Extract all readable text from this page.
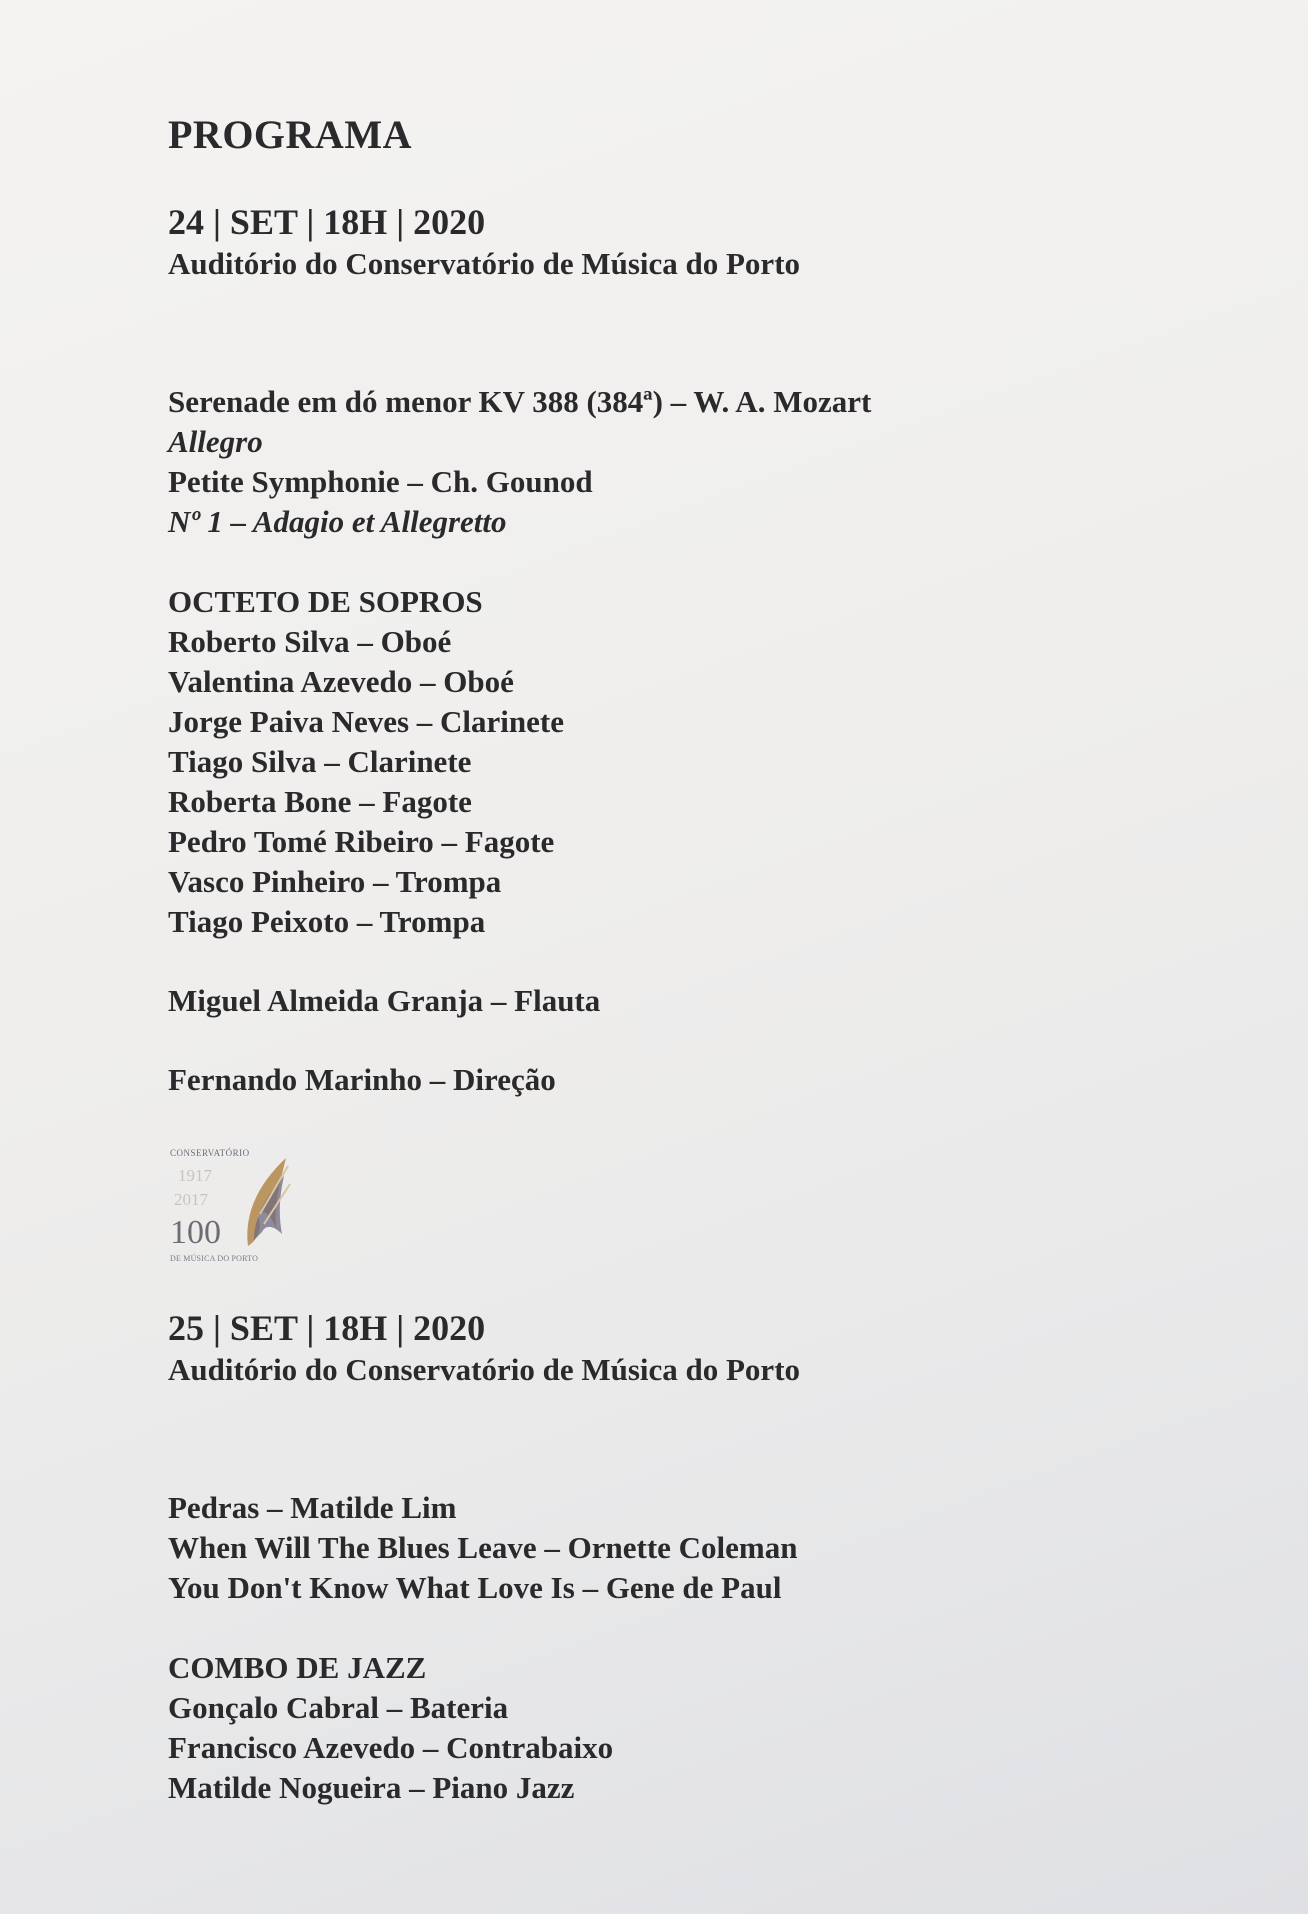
PROGRAMA

24 | SET | 18H | 2020

Auditório do Conservatório de Música do Porto

Serenade em dó menor KV 388 (384ª) – W. A. Mozart
Allegro
Petite Symphonie – Ch. Gounod
Nº 1 – Adagio et Allegretto
OCTETO DE SOPROS
Roberto Silva – Oboé
Valentina Azevedo – Oboé
Jorge Paiva Neves – Clarinete
Tiago Silva – Clarinete
Roberta Bone – Fagote
Pedro Tomé Ribeiro – Fagote
Vasco Pinheiro – Trompa
Tiago Peixoto – Trompa
Miguel Almeida Granja – Flauta
Fernando Marinho – Direção
CONSERVATÓRIO
1917
2017
100
DE MÚSICA DO PORTO

25 | SET | 18H | 2020

Auditório do Conservatório de Música do Porto

Pedras – Matilde Lim
When Will The Blues Leave – Ornette Coleman
You Don't Know What Love Is – Gene de Paul
COMBO DE JAZZ
Gonçalo Cabral – Bateria
Francisco Azevedo – Contrabaixo
Matilde Nogueira – Piano Jazz
